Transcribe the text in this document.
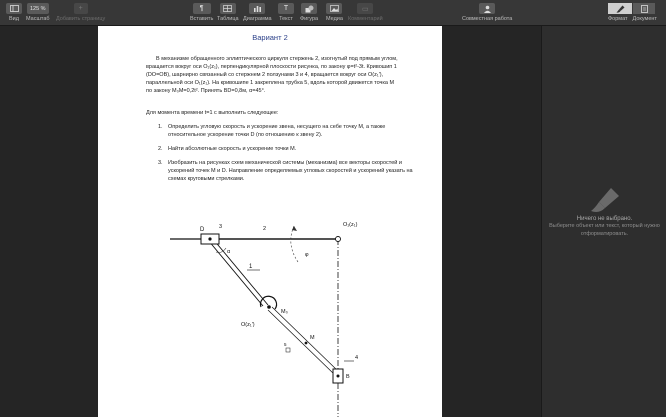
Вид
125 %
Масштаб
+
Добавить страницу
¶
Вставить Таблица Диаграмма
T
Текст Фигура Медиа
▭
Комментарий	Совместная работа	Формат Документ
Вариант 2
В механизме обращенного эллиптического циркуля стержень 2, изогнутый под прямым углом, вращается вокруг оси O₁(z₁), перпендикулярной плоскости рисунка, по закону φ=t²-3t. Кривошип 1 (DO=OB), шарнирно связанный со стержнем 2 ползунами 3 и 4, вращается вокруг оси O(z₁'), параллельной оси O₁(z₁). На кривошипе 1 закреплена трубка 5, вдоль которой движется точка М по закону M₀M=0,2t². Принять BD=0,8м, α=45°.
Для момента времени t=1 с выполнить следующее:
1. Определить угловую скорость и ускорение звена, несущего на себе точку М, а также относительное ускорение точки D (по отношению к звену 2).
2. Найти абсолютные скорость и ускорение точки М.
3. Изобразить на рисунках схем механической системы (механизма) все векторы скоростей и ускорений точек М и D. Направление определяемых угловых скоростей и ускорений указать на схемах круговыми стрелками.
D	3	2
O₁(z₁)
α	φ
1
M₀
O(z₁')
M
5
4
B
Ничего не выбрано.
Выберите объект или текст, который нужно отформатировать.
